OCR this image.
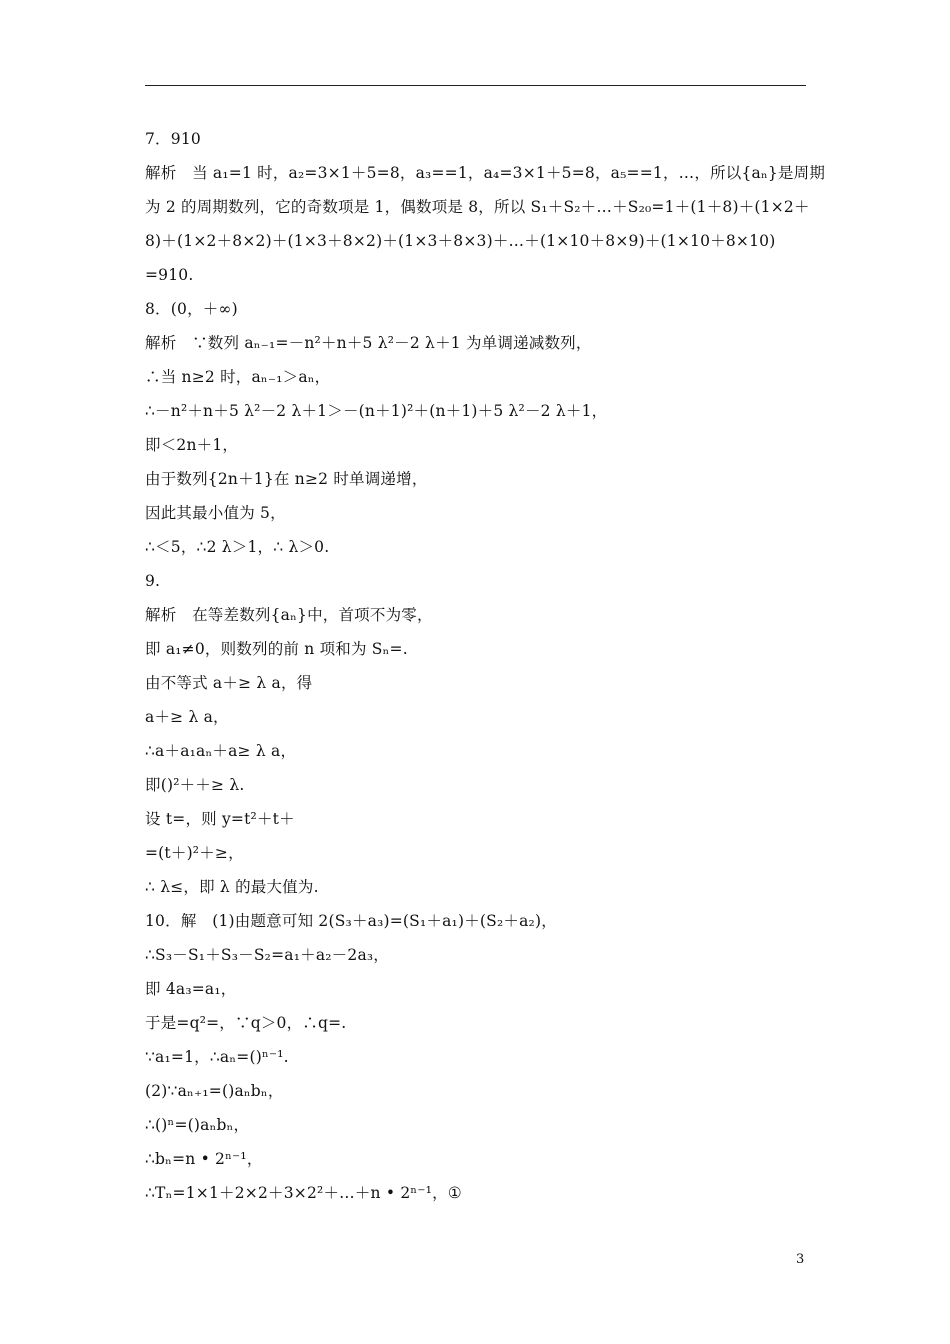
7．910
解析　当 a₁=1 时，a₂=3×1＋5=8，a₃==1，a₄=3×1＋5=8，a₅==1，…，所以{aₙ}是周期
为 2 的周期数列，它的奇数项是 1，偶数项是 8，所以 S₁＋S₂＋…＋S₂₀=1＋(1＋8)＋(1×2＋
8)＋(1×2＋8×2)＋(1×3＋8×2)＋(1×3＋8×3)＋…＋(1×10＋8×9)＋(1×10＋8×10)
=910.
8．(0，＋∞)
解析　∵数列 aₙ₋₁=－n²＋n＋5 λ²－2 λ＋1 为单调递减数列，
∴当 n≥2 时，aₙ₋₁＞aₙ，
∴－n²＋n＋5 λ²－2 λ＋1＞－(n＋1)²＋(n＋1)＋5 λ²－2 λ＋1，
即＜2n＋1，
由于数列{2n＋1}在 n≥2 时单调递增，
因此其最小值为 5，
∴＜5，∴2 λ＞1，∴ λ＞0.
9.
解析　在等差数列{aₙ}中，首项不为零，
即 a₁≠0，则数列的前 n 项和为 Sₙ=.
由不等式 a＋≥ λ a，得
a＋≥ λ a，
∴a＋a₁aₙ＋a≥ λ a，
即()²＋＋≥ λ.
设 t=，则 y=t²＋t＋
=(t＋)²＋≥，
∴ λ≤，即 λ 的最大值为.
10．解　(1)由题意可知 2(S₃＋a₃)=(S₁＋a₁)＋(S₂＋a₂)，
∴S₃－S₁＋S₃－S₂=a₁＋a₂－2a₃，
即 4a₃=a₁，
于是=q²=，∵q＞0，∴q=.
∵a₁=1，∴aₙ=()ⁿ⁻¹.
(2)∵aₙ₊₁=()aₙbₙ，
∴()ⁿ=()aₙbₙ，
∴bₙ=n • 2ⁿ⁻¹，
∴Tₙ=1×1＋2×2＋3×2²＋…＋n • 2ⁿ⁻¹，①
3
